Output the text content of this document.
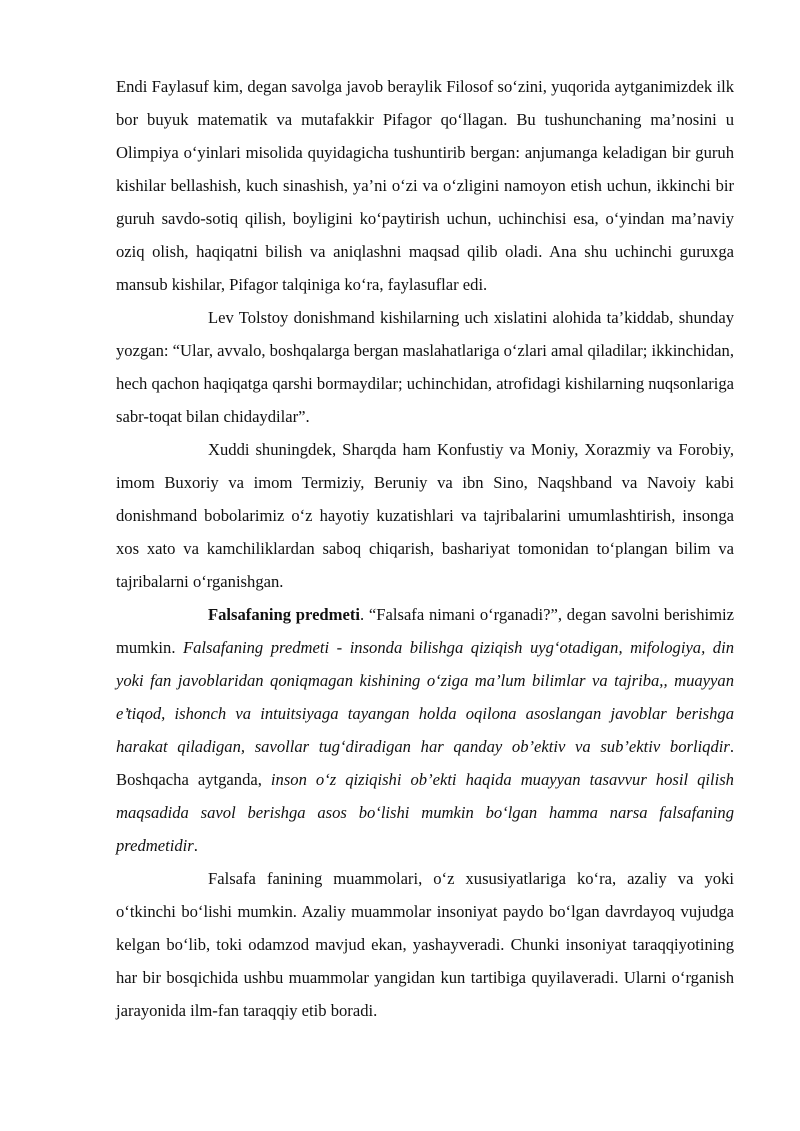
Endi Faylasuf kim, degan savolga javob beraylik Filosof so‘zini, yuqorida aytganimizdek ilk bor buyuk matematik va mutafakkir Pifagor qo‘llagan. Bu tushunchaning ma’nosini u Olimpiya o‘yinlari misolida quyidagicha tushuntirib bergan: anjumanga keladigan bir guruh kishilar bellashish, kuch sinashish, ya’ni o‘zi va o‘zligini namoyon etish uchun, ikkinchi bir guruh savdo-sotiq qilish, boyligini ko‘paytirish uchun, uchinchisi esa, o‘yindan ma’naviy oziq olish, haqiqatni bilish va aniqlashni maqsad qilib oladi. Ana shu uchinchi guruxga mansub kishilar, Pifagor talqiniga ko‘ra, faylasuflar edi.

Lev Tolstoy donishmand kishilarning uch xislatini alohida ta’kiddab, shunday yozgan: “Ular, avvalo, boshqalarga bergan maslahatlariga o‘zlari amal qiladilar; ikkinchidan, hech qachon haqiqatga qarshi bormaydilar; uchinchidan, atrofidagi kishilarning nuqsonlariga sabr-toqat bilan chidaydilar”.

Xuddi shuningdek, Sharqda ham Konfustiy va Moniy, Xorazmiy va Forobiy, imom Buxoriy va imom Termiziy, Beruniy va ibn Sino, Naqshband va Navoiy kabi donishmand bobolarimiz o‘z hayotiy kuzatishlari va tajribalarini umumlashtirish, insonga xos xato va kamchiliklardan saboq chiqarish, bashariyat tomonidan to‘plangan bilim va tajribalarni o‘rganishgan.

Falsafaning predmeti. “Falsafa nimani o‘rganadi?”, degan savolni berishimiz mumkin. Falsafaning predmeti - insonda bilishga qiziqish uyg‘otadigan, mifologiya, din yoki fan javoblaridan qoniqmagan kishining o‘ziga ma’lum bilimlar va tajriba,, muayyan e’tiqod, ishonch va intuitsiyaga tayangan holda oqilona asoslangan javoblar berishga harakat qiladigan, savollar tug‘diradigan har qanday ob’ektiv va sub’ektiv borliqdir. Boshqacha aytganda, inson o‘z qiziqishi ob’ekti haqida muayyan tasavvur hosil qilish maqsadida savol berishga asos bo‘lishi mumkin bo‘lgan hamma narsa falsafaning predmetidir.

Falsafa fanining muammolari, o‘z xususiyatlariga ko‘ra, azaliy va yoki o‘tkinchi bo‘lishi mumkin. Azaliy muammolar insoniyat paydo bo‘lgan davrdayoq vujudga kelgan bo‘lib, toki odamzod mavjud ekan, yashayveradi. Chunki insoniyat taraqqiyotining har bir bosqichida ushbu muammolar yangidan kun tartibiga quyilaveradi. Ularni o‘rganish jarayonida ilm-fan taraqqiy etib boradi.
